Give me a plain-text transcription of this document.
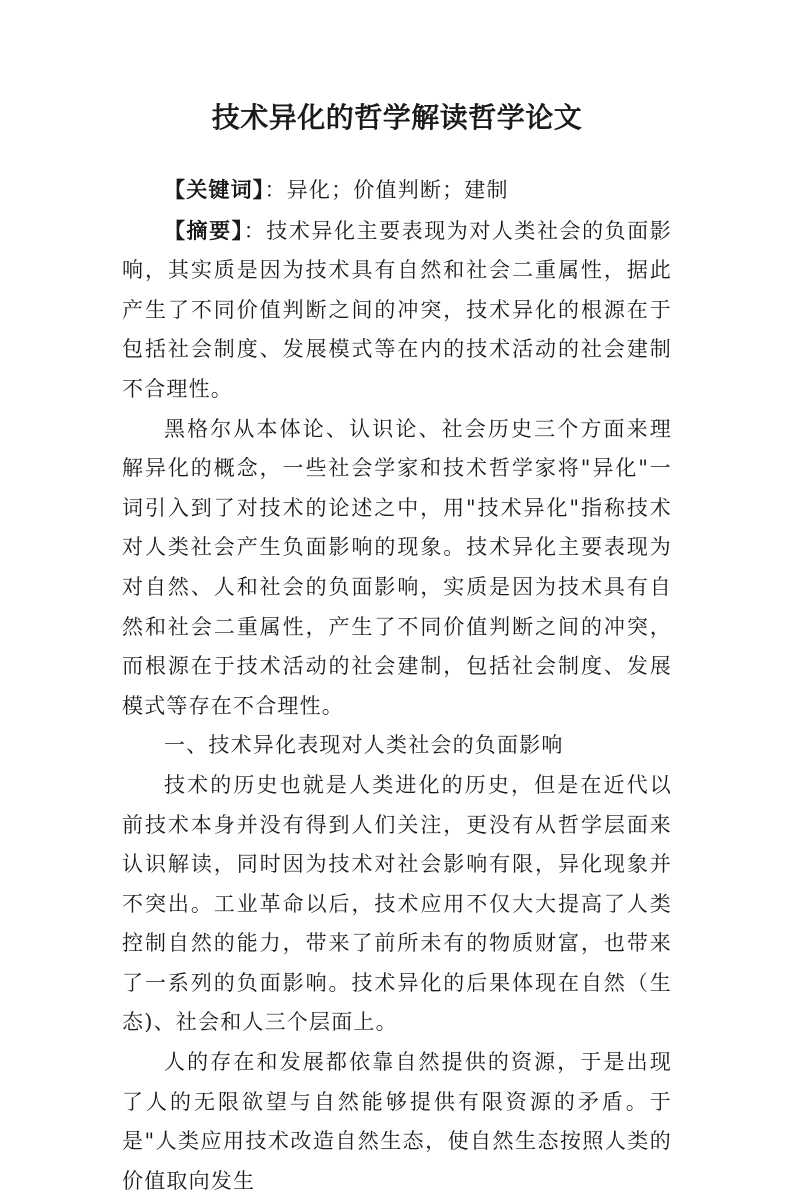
技术异化的哲学解读哲学论文

【关键词】：异化；价值判断；建制

【摘要】：技术异化主要表现为对人类社会的负面影响，其实质是因为技术具有自然和社会二重属性，据此产生了不同价值判断之间的冲突，技术异化的根源在于包括社会制度、发展模式等在内的技术活动的社会建制不合理性。

黑格尔从本体论、认识论、社会历史三个方面来理解异化的概念，一些社会学家和技术哲学家将"异化"一词引入到了对技术的论述之中，用"技术异化"指称技术对人类社会产生负面影响的现象。技术异化主要表现为对自然、人和社会的负面影响，实质是因为技术具有自然和社会二重属性，产生了不同价值判断之间的冲突，而根源在于技术活动的社会建制，包括社会制度、发展模式等存在不合理性。

一、技术异化表现对人类社会的负面影响

技术的历史也就是人类进化的历史，但是在近代以前技术本身并没有得到人们关注，更没有从哲学层面来认识解读，同时因为技术对社会影响有限，异化现象并不突出。工业革命以后，技术应用不仅大大提高了人类控制自然的能力，带来了前所未有的物质财富，也带来了一系列的负面影响。技术异化的后果体现在自然（生态)、社会和人三个层面上。

人的存在和发展都依靠自然提供的资源，于是出现了人的无限欲望与自然能够提供有限资源的矛盾。于是"人类应用技术改造自然生态，使自然生态按照人类的价值取向发生
